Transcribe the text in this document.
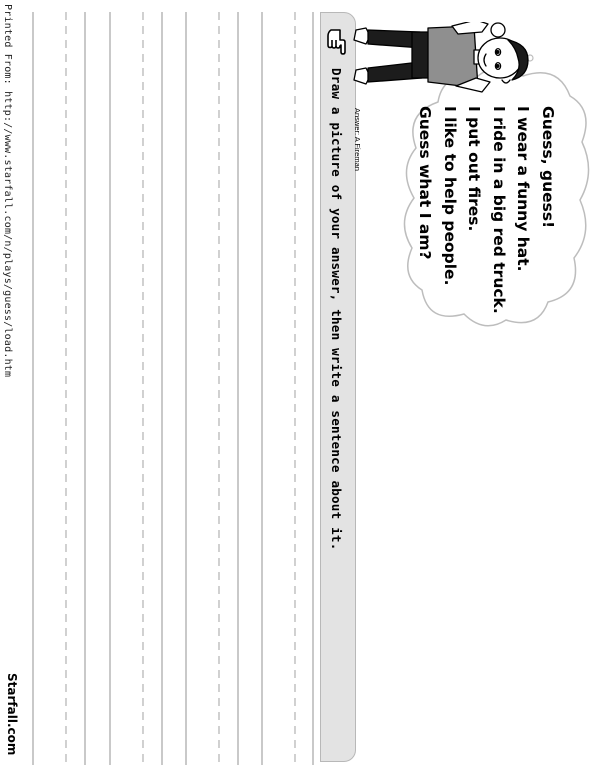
Printed From: http://www.starfall.com/n/plays/guess/load.htm
Starfall.com
Draw a picture of your answer, then write a sentence about it. Answer: A Fireman	Guess, guess!
I wear a funny hat.
I ride in a big red truck.
I put out fires.
I like to help people.
Guess what I am?
